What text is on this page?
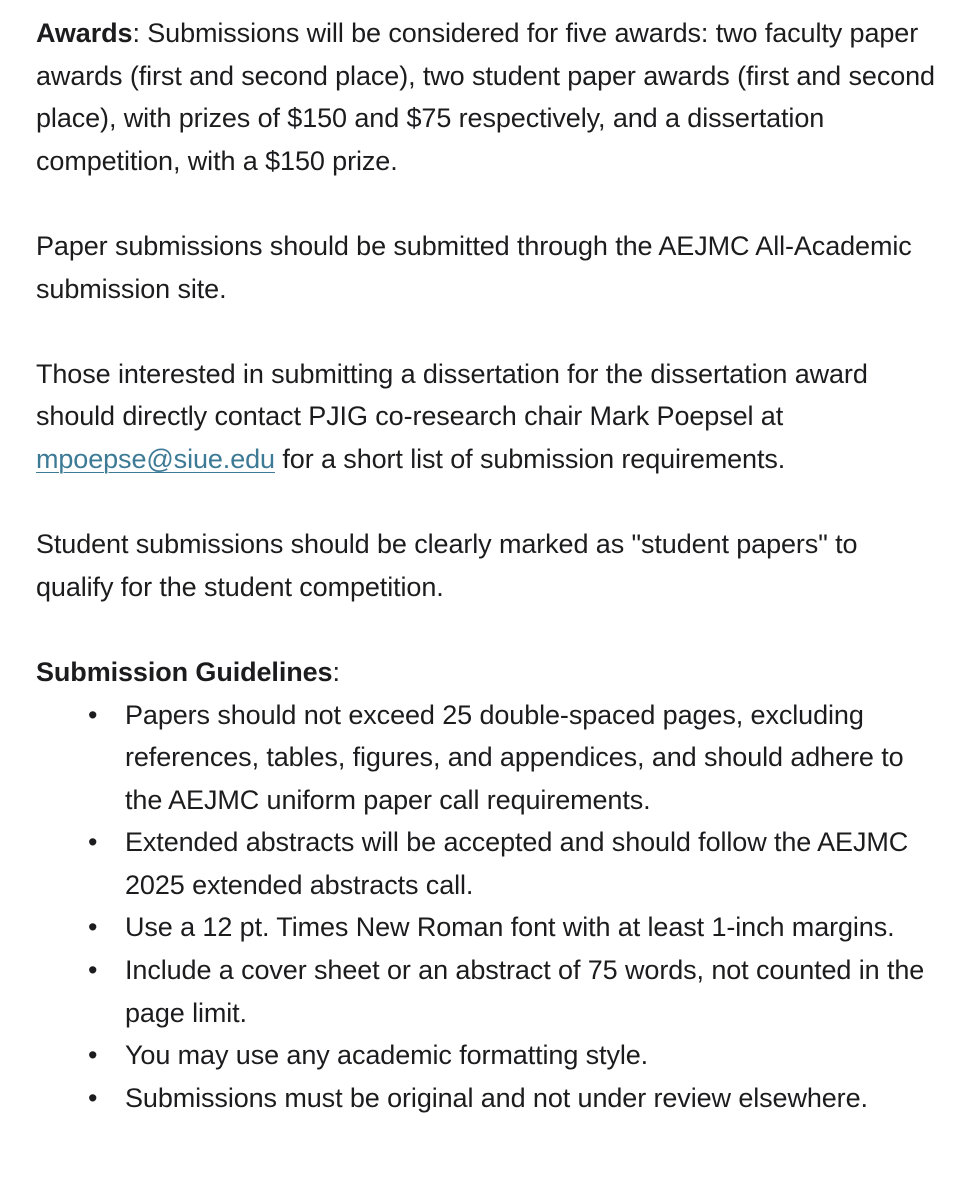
Awards: Submissions will be considered for five awards: two faculty paper awards (first and second place), two student paper awards (first and second place), with prizes of $150 and $75 respectively, and a dissertation competition, with a $150 prize.

Paper submissions should be submitted through the AEJMC All-Academic submission site.

Those interested in submitting a dissertation for the dissertation award should directly contact PJIG co-research chair Mark Poepsel at mpoepse@siue.edu for a short list of submission requirements.

Student submissions should be clearly marked as "student papers" to qualify for the student competition.

Submission Guidelines:
• Papers should not exceed 25 double-spaced pages, excluding references, tables, figures, and appendices, and should adhere to the AEJMC uniform paper call requirements.
• Extended abstracts will be accepted and should follow the AEJMC 2025 extended abstracts call.
• Use a 12 pt. Times New Roman font with at least 1-inch margins.
• Include a cover sheet or an abstract of 75 words, not counted in the page limit.
• You may use any academic formatting style.
• Submissions must be original and not under review elsewhere.
